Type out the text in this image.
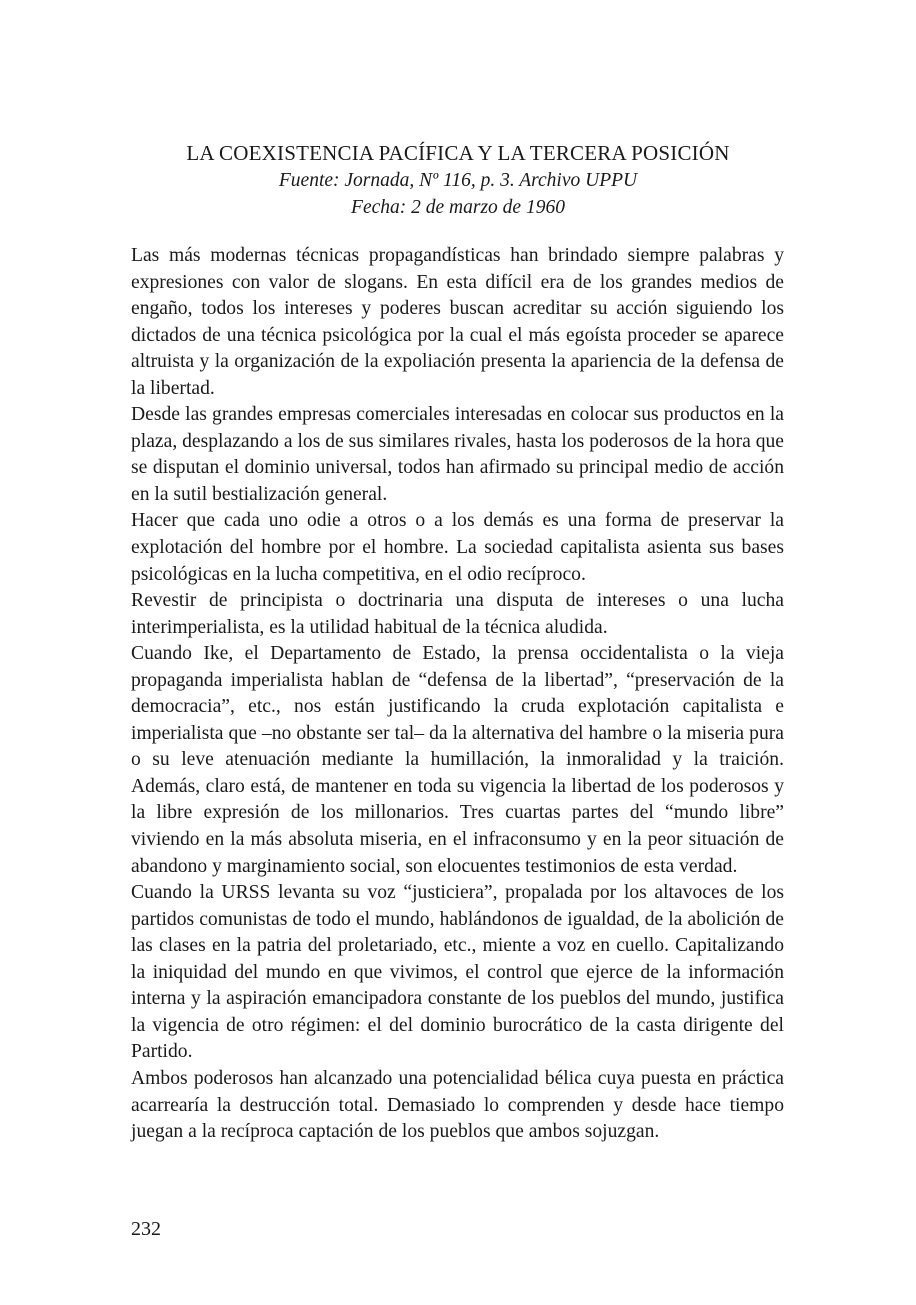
LA COEXISTENCIA PACÍFICA Y LA TERCERA POSICIÓN
Fuente: Jornada, Nº 116, p. 3. Archivo UPPU
Fecha: 2 de marzo de 1960

Las más modernas técnicas propagandísticas han brindado siempre palabras y expresiones con valor de slogans. En esta difícil era de los grandes medios de engaño, todos los intereses y poderes buscan acreditar su acción siguiendo los dictados de una técnica psicológica por la cual el más egoísta proceder se aparece altruista y la organización de la expoliación presenta la apariencia de la defensa de la libertad.

Desde las grandes empresas comerciales interesadas en colocar sus productos en la plaza, desplazando a los de sus similares rivales, hasta los poderosos de la hora que se disputan el dominio universal, todos han afirmado su principal medio de acción en la sutil bestialización general.

Hacer que cada uno odie a otros o a los demás es una forma de preservar la explotación del hombre por el hombre. La sociedad capitalista asienta sus bases psicológicas en la lucha competitiva, en el odio recíproco.

Revestir de principista o doctrinaria una disputa de intereses o una lucha interimperialista, es la utilidad habitual de la técnica aludida.

Cuando Ike, el Departamento de Estado, la prensa occidentalista o la vieja propaganda imperialista hablan de “defensa de la libertad”, “preservación de la democracia”, etc., nos están justificando la cruda explotación capitalista e imperialista que –no obstante ser tal– da la alternativa del hambre o la miseria pura o su leve atenuación mediante la humillación, la inmoralidad y la traición. Además, claro está, de mantener en toda su vigencia la libertad de los poderosos y la libre expresión de los millonarios. Tres cuartas partes del “mundo libre” viviendo en la más absoluta miseria, en el infraconsumo y en la peor situación de abandono y marginamiento social, son elocuentes testimonios de esta verdad.

Cuando la URSS levanta su voz “justiciera”, propalada por los altavoces de los partidos comunistas de todo el mundo, hablándonos de igualdad, de la abolición de las clases en la patria del proletariado, etc., miente a voz en cuello. Capitalizando la iniquidad del mundo en que vivimos, el control que ejerce de la información interna y la aspiración emancipadora constante de los pueblos del mundo, justifica la vigencia de otro régimen: el del dominio burocrático de la casta dirigente del Partido.

Ambos poderosos han alcanzado una potencialidad bélica cuya puesta en práctica acarrearía la destrucción total. Demasiado lo comprenden y desde hace tiempo juegan a la recíproca captación de los pueblos que ambos sojuzgan.

232
